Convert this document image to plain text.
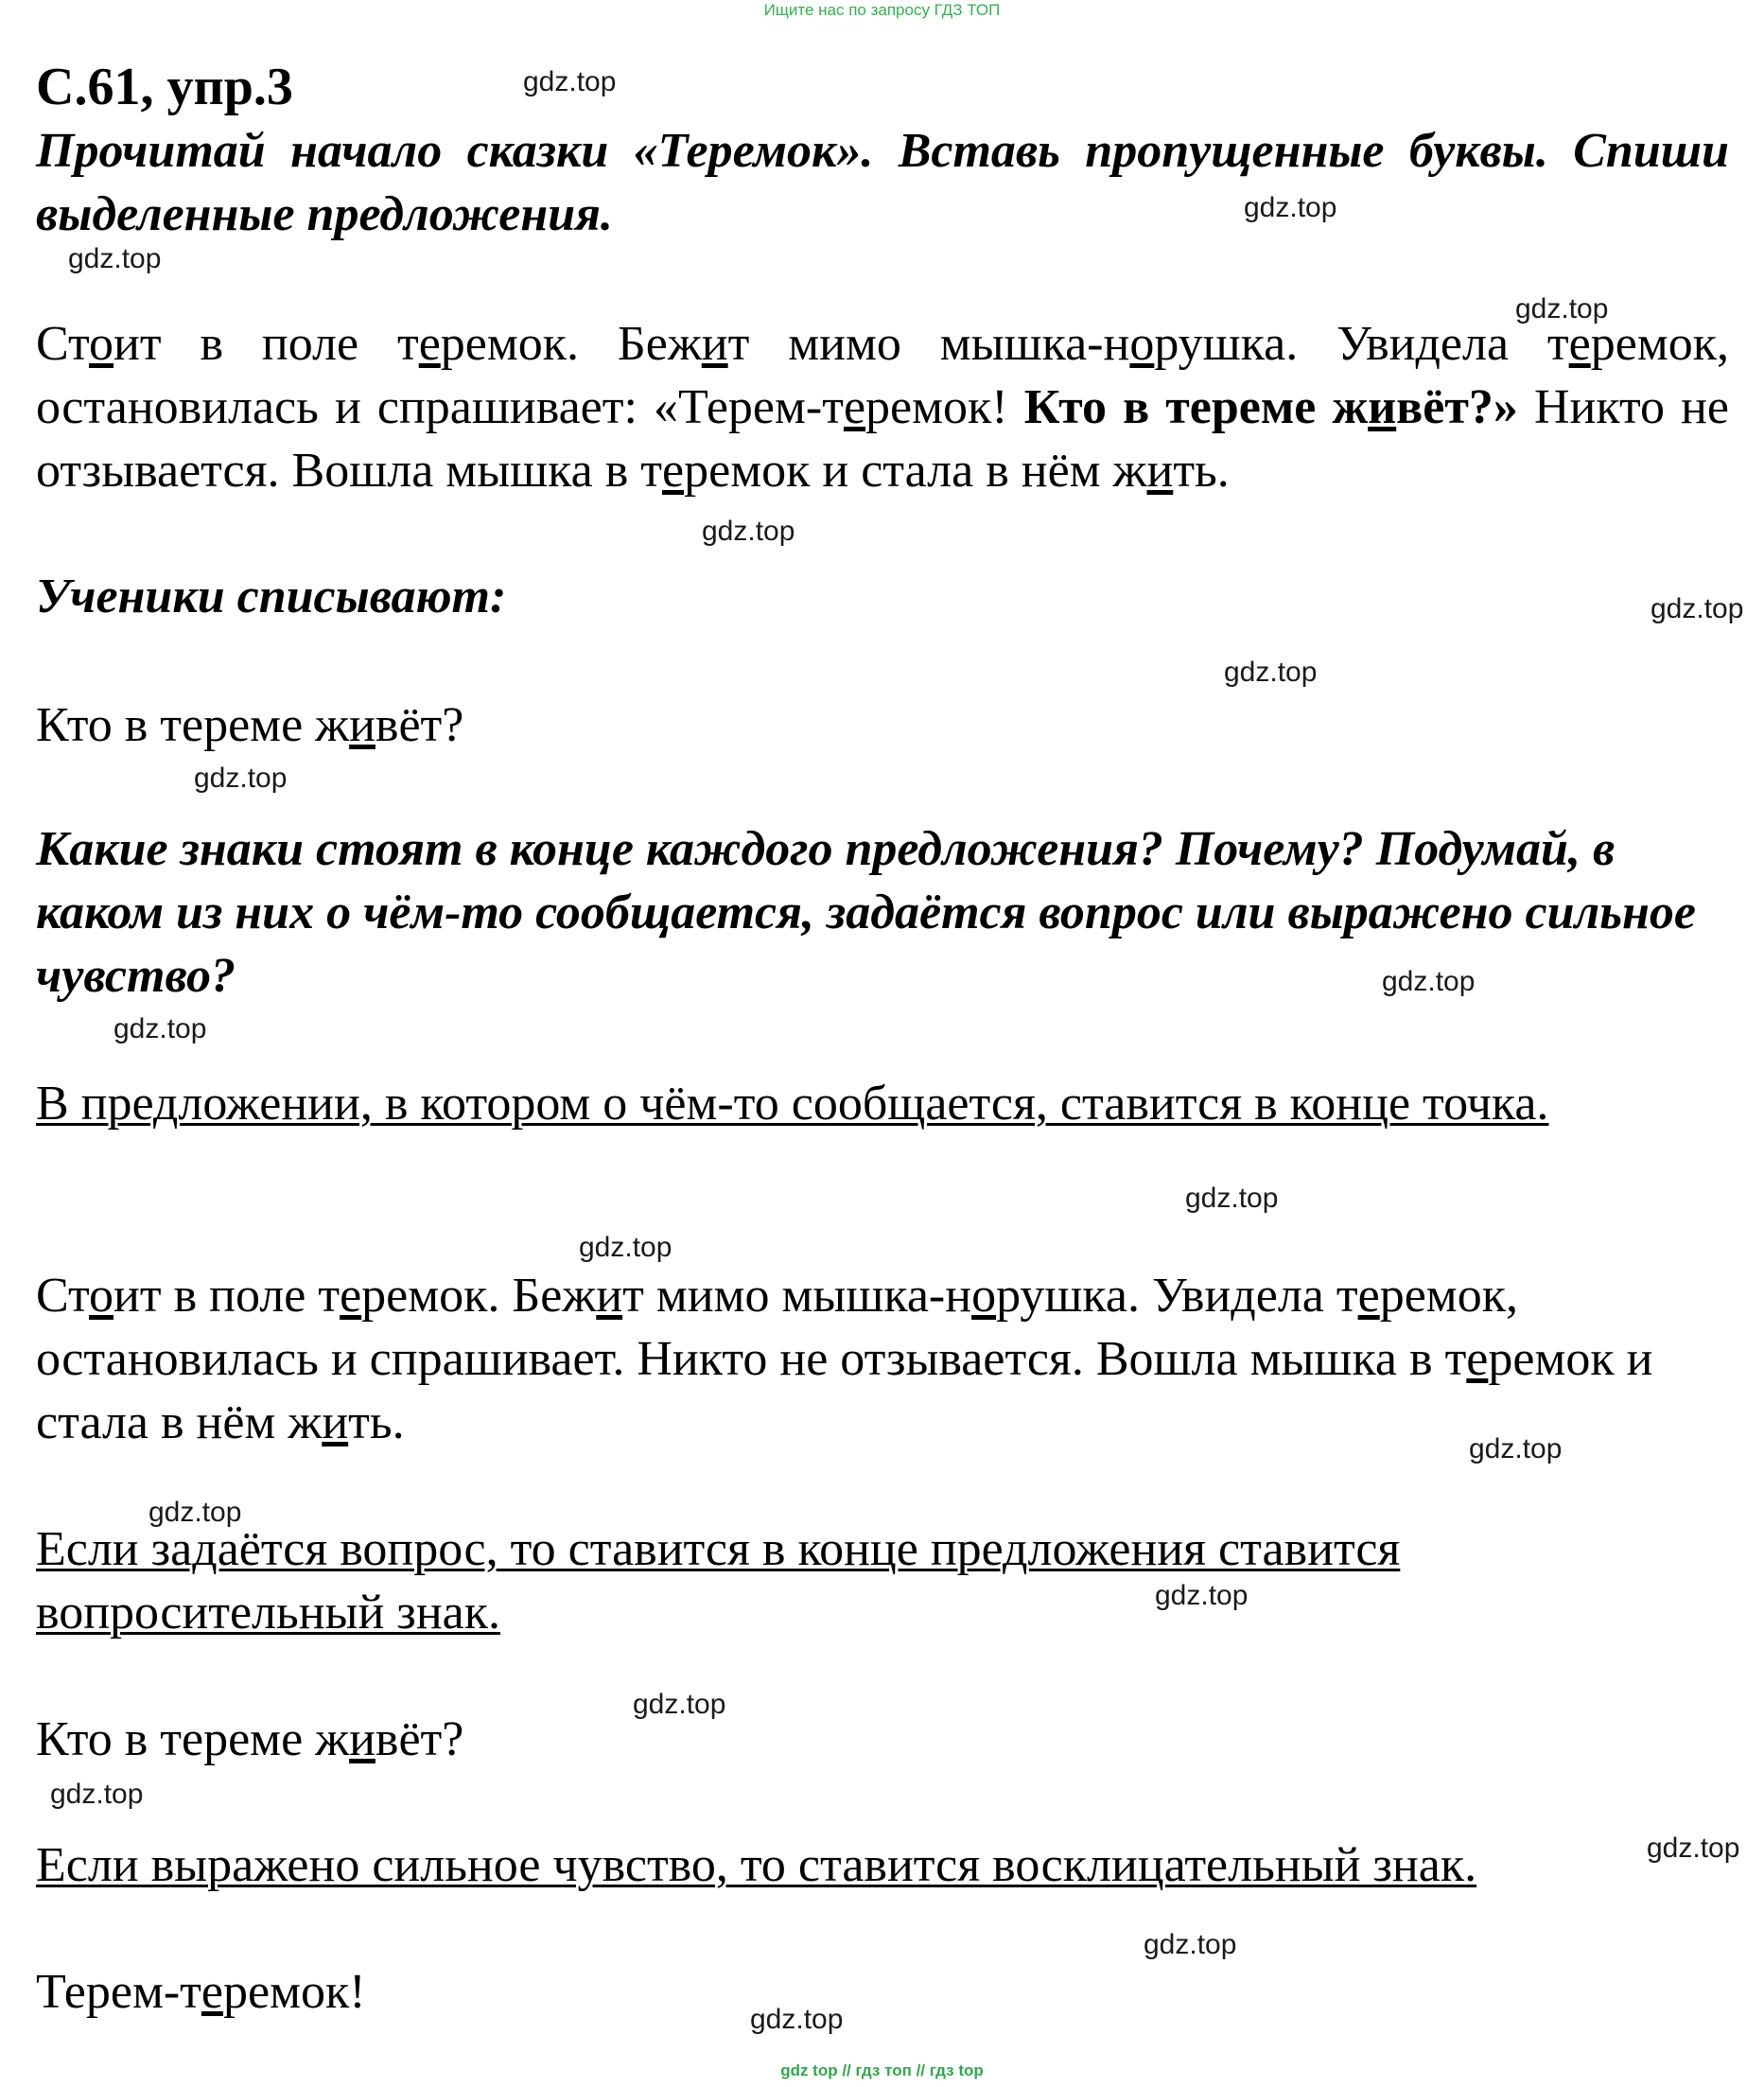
Ищите нас по запросу ГДЗ ТОП
С.61, упр.3
Прочитай начало сказки «Теремок». Вставь пропущенные буквы. Спиши выделенные предложения.
Стоит в поле теремок. Бежит мимо мышка-норушка. Увидела теремок, остановилась и спрашивает: «Терем-теремок! Кто в тереме живёт?» Никто не отзывается. Вошла мышка в теремок и стала в нём жить.
Ученики списывают:
Кто в тереме живёт?
Какие знаки стоят в конце каждого предложения? Почему? Подумай, в каком из них о чём-то сообщается, задаётся вопрос или выражено сильное чувство?
В предложении, в котором о чём-то сообщается, ставится в конце точка.
Стоит в поле теремок. Бежит мимо мышка-норушка. Увидела теремок, остановилась и спрашивает. Никто не отзывается. Вошла мышка в теремок и стала в нём жить.
Если задаётся вопрос, то ставится в конце предложения ставится вопросительный знак.
Кто в тереме живёт?
Если выражено сильное чувство, то ставится восклицательный знак.
Терем-теремок!
gdz.top
gdz.top
gdz.top
gdz.top
gdz.top
gdz.top
gdz.top
gdz.top
gdz.top
gdz.top
gdz.top
gdz.top
gdz.top
gdz.top
gdz.top
gdz.top
gdz.top
gdz.top
gdz.top
gdz.top
gdz top // гдз топ // гдз top
